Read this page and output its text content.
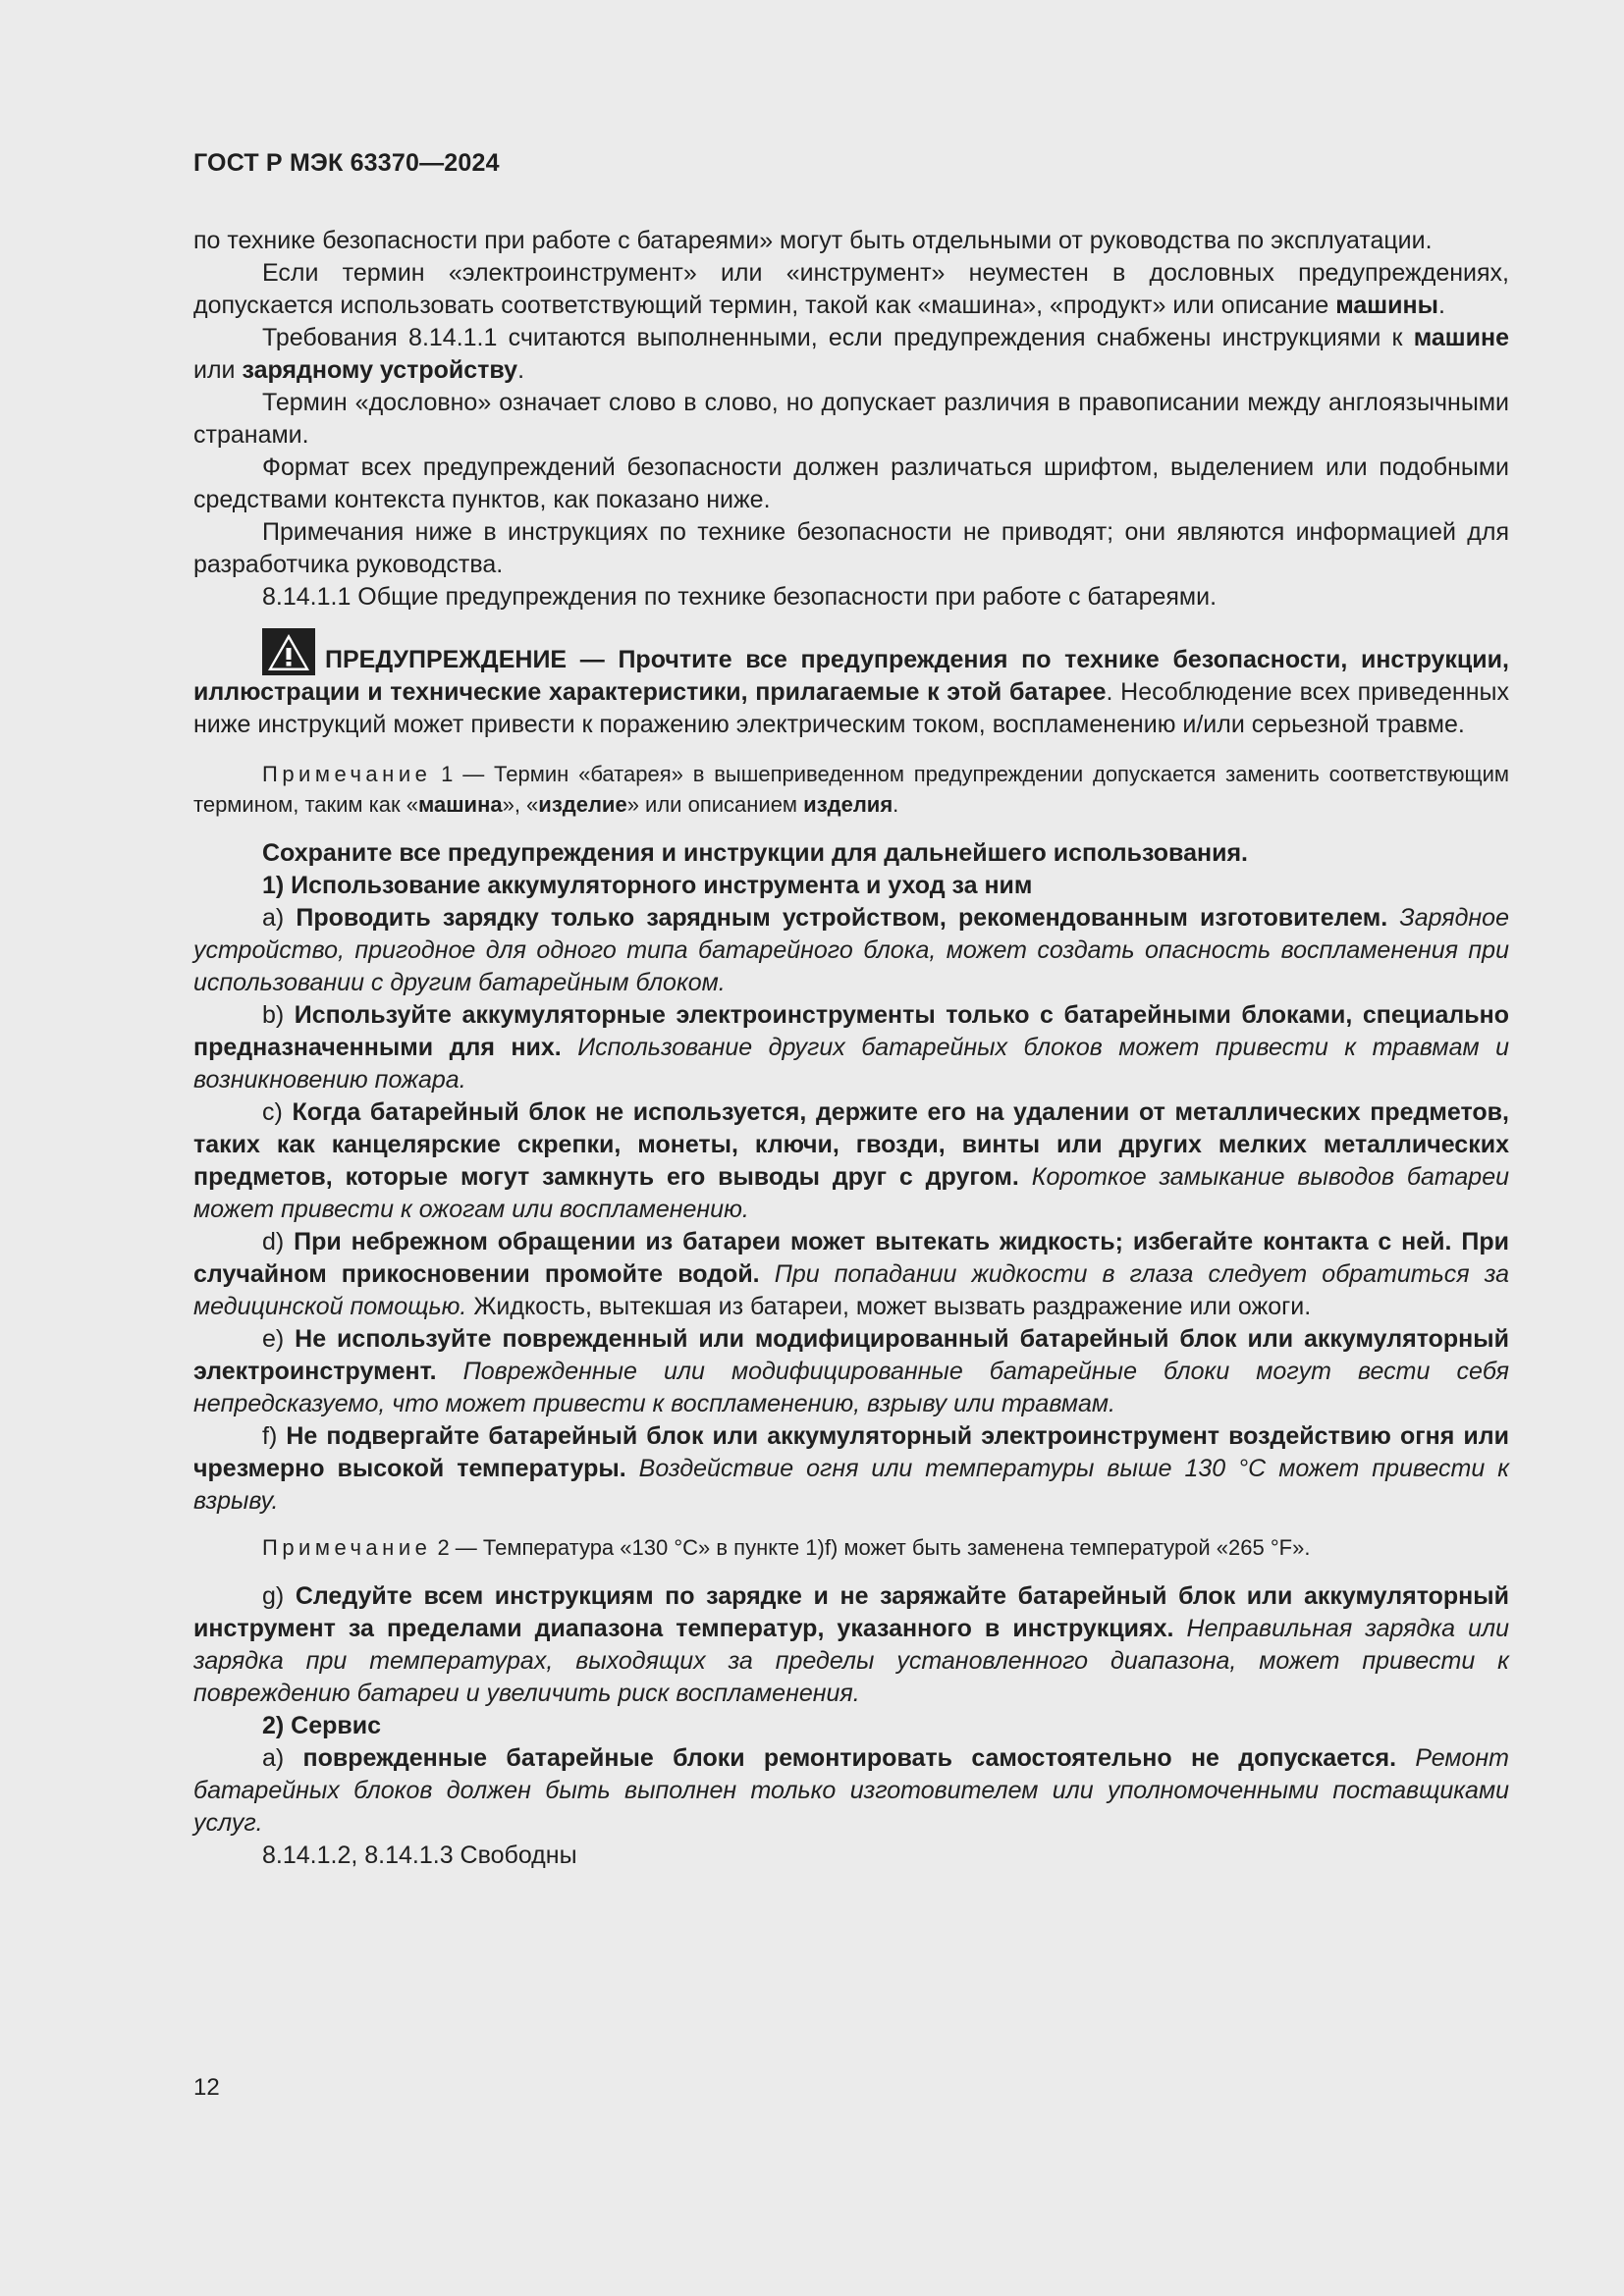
ГОСТ Р МЭК 63370—2024

по технике безопасности при работе с батареями» могут быть отдельными от руководства по эксплуатации.

Если термин «электроинструмент» или «инструмент» неуместен в дословных предупреждениях, допускается использовать соответствующий термин, такой как «машина», «продукт» или описание машины.

Требования 8.14.1.1 считаются выполненными, если предупреждения снабжены инструкциями к машине или зарядному устройству.

Термин «дословно» означает слово в слово, но допускает различия в правописании между англоязычными странами.

Формат всех предупреждений безопасности должен различаться шрифтом, выделением или подобными средствами контекста пунктов, как показано ниже.

Примечания ниже в инструкциях по технике безопасности не приводят; они являются информацией для разработчика руководства.

8.14.1.1 Общие предупреждения по технике безопасности при работе с батареями.

ПРЕДУПРЕЖДЕНИЕ — Прочтите все предупреждения по технике безопасности, инструкции, иллюстрации и технические характеристики, прилагаемые к этой батарее. Несоблюдение всех приведенных ниже инструкций может привести к поражению электрическим током, воспламенению и/или серьезной травме.

Примечание 1 — Термин «батарея» в вышеприведенном предупреждении допускается заменить соответствующим термином, таким как «машина», «изделие» или описанием изделия.

Сохраните все предупреждения и инструкции для дальнейшего использования.

1) Использование аккумуляторного инструмента и уход за ним

a) Проводить зарядку только зарядным устройством, рекомендованным изготовителем. Зарядное устройство, пригодное для одного типа батарейного блока, может создать опасность воспламенения при использовании с другим батарейным блоком.

b) Используйте аккумуляторные электроинструменты только с батарейными блоками, специально предназначенными для них. Использование других батарейных блоков может привести к травмам и возникновению пожара.

c) Когда батарейный блок не используется, держите его на удалении от металлических предметов, таких как канцелярские скрепки, монеты, ключи, гвозди, винты или других мелких металлических предметов, которые могут замкнуть его выводы друг с другом. Короткое замыкание выводов батареи может привести к ожогам или воспламенению.

d) При небрежном обращении из батареи может вытекать жидкость; избегайте контакта с ней. При случайном прикосновении промойте водой. При попадании жидкости в глаза следует обратиться за медицинской помощью. Жидкость, вытекшая из батареи, может вызвать раздражение или ожоги.

e) Не используйте поврежденный или модифицированный батарейный блок или аккумуляторный электроинструмент. Поврежденные или модифицированные батарейные блоки могут вести себя непредсказуемо, что может привести к воспламенению, взрыву или травмам.

f) Не подвергайте батарейный блок или аккумуляторный электроинструмент воздействию огня или чрезмерно высокой температуры. Воздействие огня или температуры выше 130 °С может привести к взрыву.

Примечание 2 — Температура «130 °С» в пункте 1)f) может быть заменена температурой «265 °F».

g) Следуйте всем инструкциям по зарядке и не заряжайте батарейный блок или аккумуляторный инструмент за пределами диапазона температур, указанного в инструкциях. Неправильная зарядка или зарядка при температурах, выходящих за пределы установленного диапазона, может привести к повреждению батареи и увеличить риск воспламенения.

2) Сервис

a) поврежденные батарейные блоки ремонтировать самостоятельно не допускается. Ремонт батарейных блоков должен быть выполнен только изготовителем или уполномоченными поставщиками услуг.

8.14.1.2, 8.14.1.3 Свободны

12
